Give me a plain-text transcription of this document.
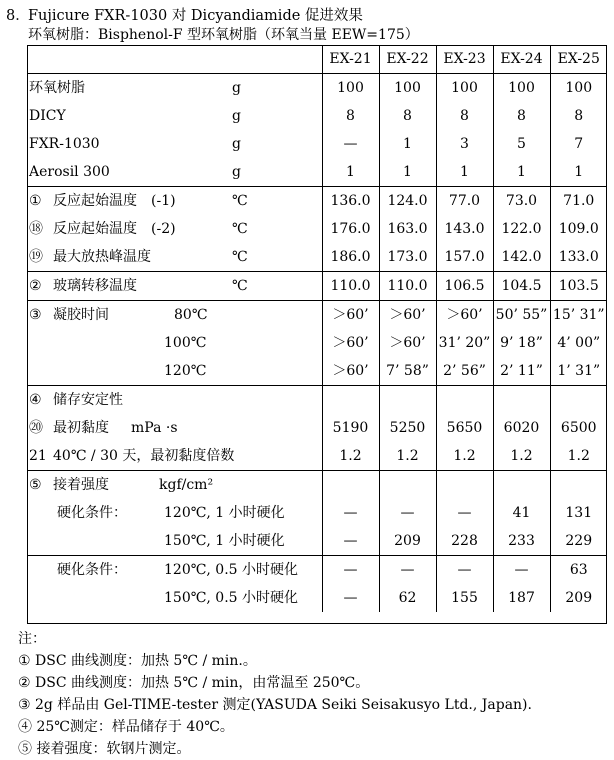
8．Fujicure FXR-1030 对 Dicyandiamide 促进效果
环氧树脂：Bisphenol-F 型环氧树脂（环氧当量 EEW=175）
		EX-21	EX-22	EX-23	EX-24	EX-25
环氧树脂	g	100	100	100	100	100
DICY	g	8	8	8	8	8
FXR-1030	g	—	1	3	5	7
Aerosil 300	g	1	1	1	1	1
① 反应起始温度 (-1)	℃	136.0	124.0	77.0	73.0	71.0
⑱ 反应起始温度 (-2)	℃	176.0	163.0	143.0	122.0	109.0
⑲ 最大放热峰温度	℃	186.0	173.0	157.0	142.0	133.0
② 玻璃转移温度	℃	110.0	110.0	106.5	104.5	103.5
③ 凝胶时间	80℃	＞60’	＞60’	＞60’	50’ 55”	15’ 31”
	100℃	＞60’	＞60’	31’ 20”	9’ 18”	4’ 00”
	120℃	＞60’	7’ 58”	2’ 56”	2’ 11”	1’ 31”
④ 储存安定性						
⑳ 最初黏度	mPa ·s	5190	5250	5650	6020	6500
21 40℃ / 30 天，最初黏度倍数		1.2	1.2	1.2	1.2	1.2
⑤ 接着强度	kgf/cm²					
硬化条件：	120℃, 1 小时硬化	—	—	—	41	131
	150℃, 1 小时硬化	—	209	228	233	229
硬化条件：	120℃, 0.5 小时硬化	—	—	—	—	63
	150℃, 0.5 小时硬化	—	62	155	187	209
注：
① DSC 曲线测度：加热 5℃ / min.。
② DSC 曲线测度：加热 5℃ / min，由常温至 250℃。
③ 2g 样品由 Gel-TIME-tester 测定(YASUDA Seiki Seisakusyo Ltd., Japan).
④ 25℃测定：样品储存于 40℃。
⑤ 接着强度：软钢片测定。
